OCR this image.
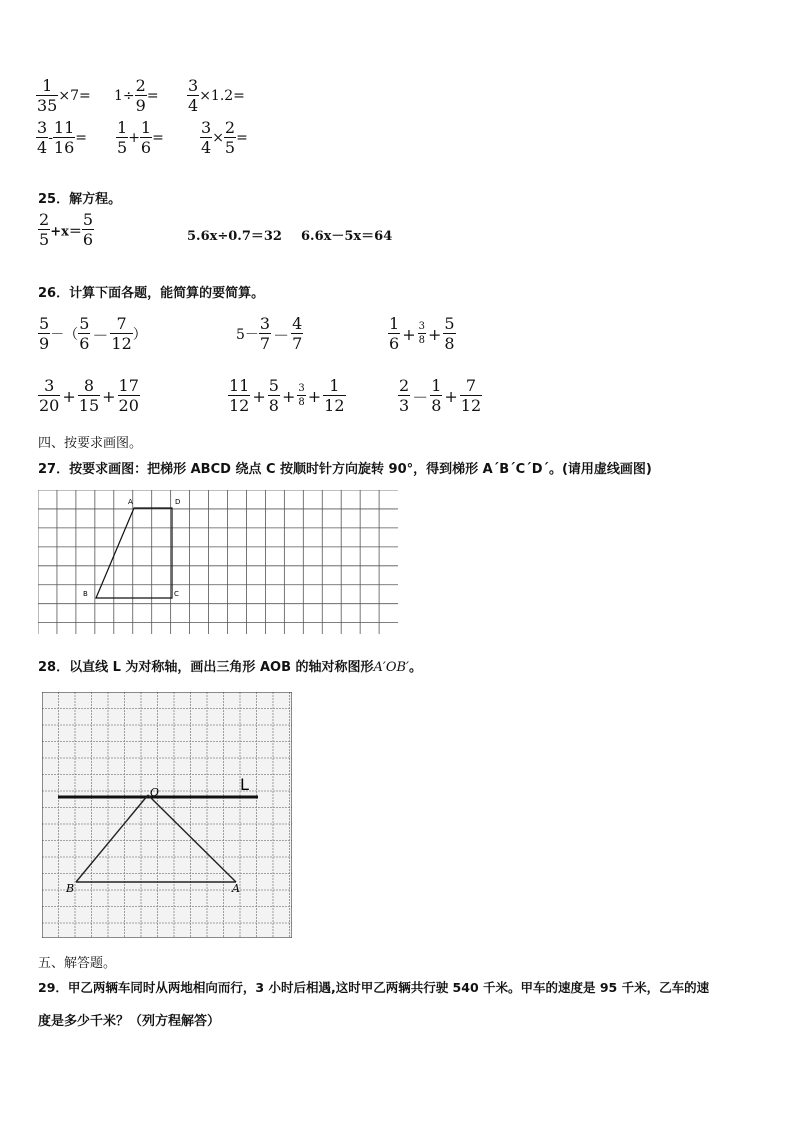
$\frac{1}{35} \times 7= 1\div \frac{2}{9} = \frac{3}{4} \times 1.2=$
$\frac{3}{4} - \frac{11}{16} = \frac{1}{5} + \frac{1}{6} = \frac{3}{4} \times \frac{2}{5}$ =
25．解方程。
$\frac{2}{5} +x= \frac{5}{6}$	5.6x÷0.7＝32 6.6x－5x＝64
26．计算下面各题，能简算的要简算。
$\frac{5}{9}$ －（ $\frac{5}{6} - \frac{7}{12}$ ）	$5- \frac{3}{7} - \frac{4}{7}$	$\frac{1}{6} + \frac{3}{8} + \frac{5}{8}$
$\frac{3}{20} + \frac{8}{15} + \frac{17}{20}$	$\frac{11}{12} + \frac{5}{8} + \frac{3}{8} + \frac{1}{12}$	$\frac{2}{3} - \frac{1}{8} + \frac{7}{12}$
四、按要求画图。
27．按要求画图：把梯形 ABCD 绕点 C 按顺时针方向旋转 90°，得到梯形 A´B´C´D´。(请用虚线画图)
A	D
B	C
28．以直线 L 为对称轴，画出三角形 AOB 的轴对称图形A′OB′。
L
O
B	A
五、解答题。
29．甲乙两辆车同时从两地相向而行，3 小时后相遇,这时甲乙两辆共行驶 540 千米。甲车的速度是 95 千米，乙车的速
度是多少千米？（列方程解答）
